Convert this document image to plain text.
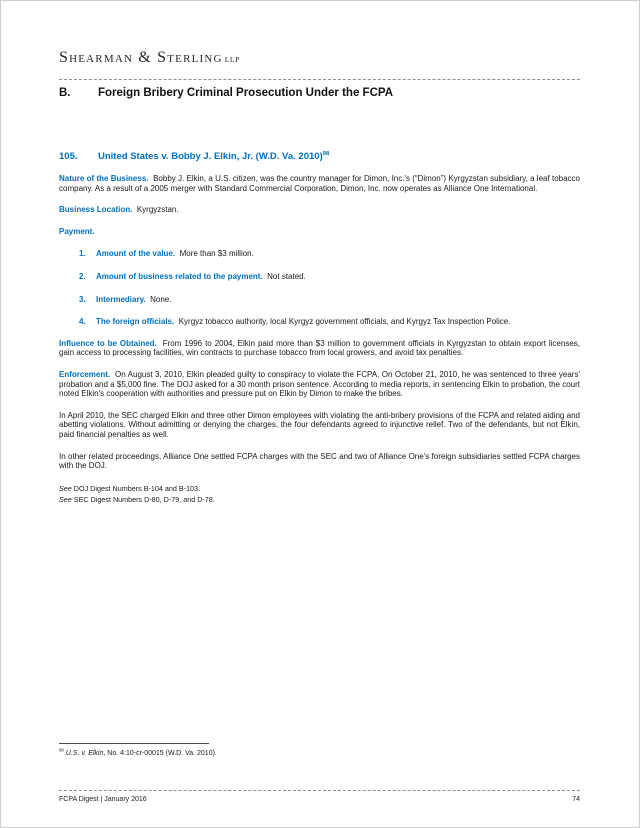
Shearman & Sterling LLP
B.	Foreign Bribery Criminal Prosecution Under the FCPA
105.	United States v. Bobby J. Elkin, Jr. (W.D. Va. 2010)$^{98}$

Nature of the Business. Bobby J. Elkin, a U.S. citizen, was the country manager for Dimon, Inc.'s (“Dimon”) Kyrgyzstan subsidiary, a leaf tobacco company. As a result of a 2005 merger with Standard Commercial Corporation, Dimon, Inc. now operates as Alliance One International.

Business Location. Kyrgyzstan.

Payment.

1.	Amount of the value. More than $3 million.
2.	Amount of business related to the payment. Not stated.
3.	Intermediary. None.
4.	The foreign officials. Kyrgyz tobacco authority, local Kyrgyz government officials, and Kyrgyz Tax Inspection Police.

Influence to be Obtained. From 1996 to 2004, Elkin paid more than $3 million to government officials in Kyrgyzstan to obtain export licenses, gain access to processing facilities, win contracts to purchase tobacco from local growers, and avoid tax penalties.

Enforcement. On August 3, 2010, Elkin pleaded guilty to conspiracy to violate the FCPA. On October 21, 2010, he was sentenced to three years' probation and a $5,000 fine. The DOJ asked for a 30 month prison sentence. According to media reports, in sentencing Elkin to probation, the court noted Elkin's cooperation with authorities and pressure put on Elkin by Dimon to make the bribes.

In April 2010, the SEC charged Elkin and three other Dimon employees with violating the anti-bribery provisions of the FCPA and related aiding and abetting violations. Without admitting or denying the charges, the four defendants agreed to injunctive relief. Two of the defendants, but not Elkin, paid financial penalties as well.

In other related proceedings, Alliance One settled FCPA charges with the SEC and two of Alliance One's foreign subsidiaries settled FCPA charges with the DOJ.

See DOJ Digest Numbers B-104 and B-103.
See SEC Digest Numbers D-80, D-79, and D-78.
$^{98}$ U.S. v. Elkin, No. 4:10-cr-00015 (W.D. Va. 2010).
FCPA Digest | January 2016	74
